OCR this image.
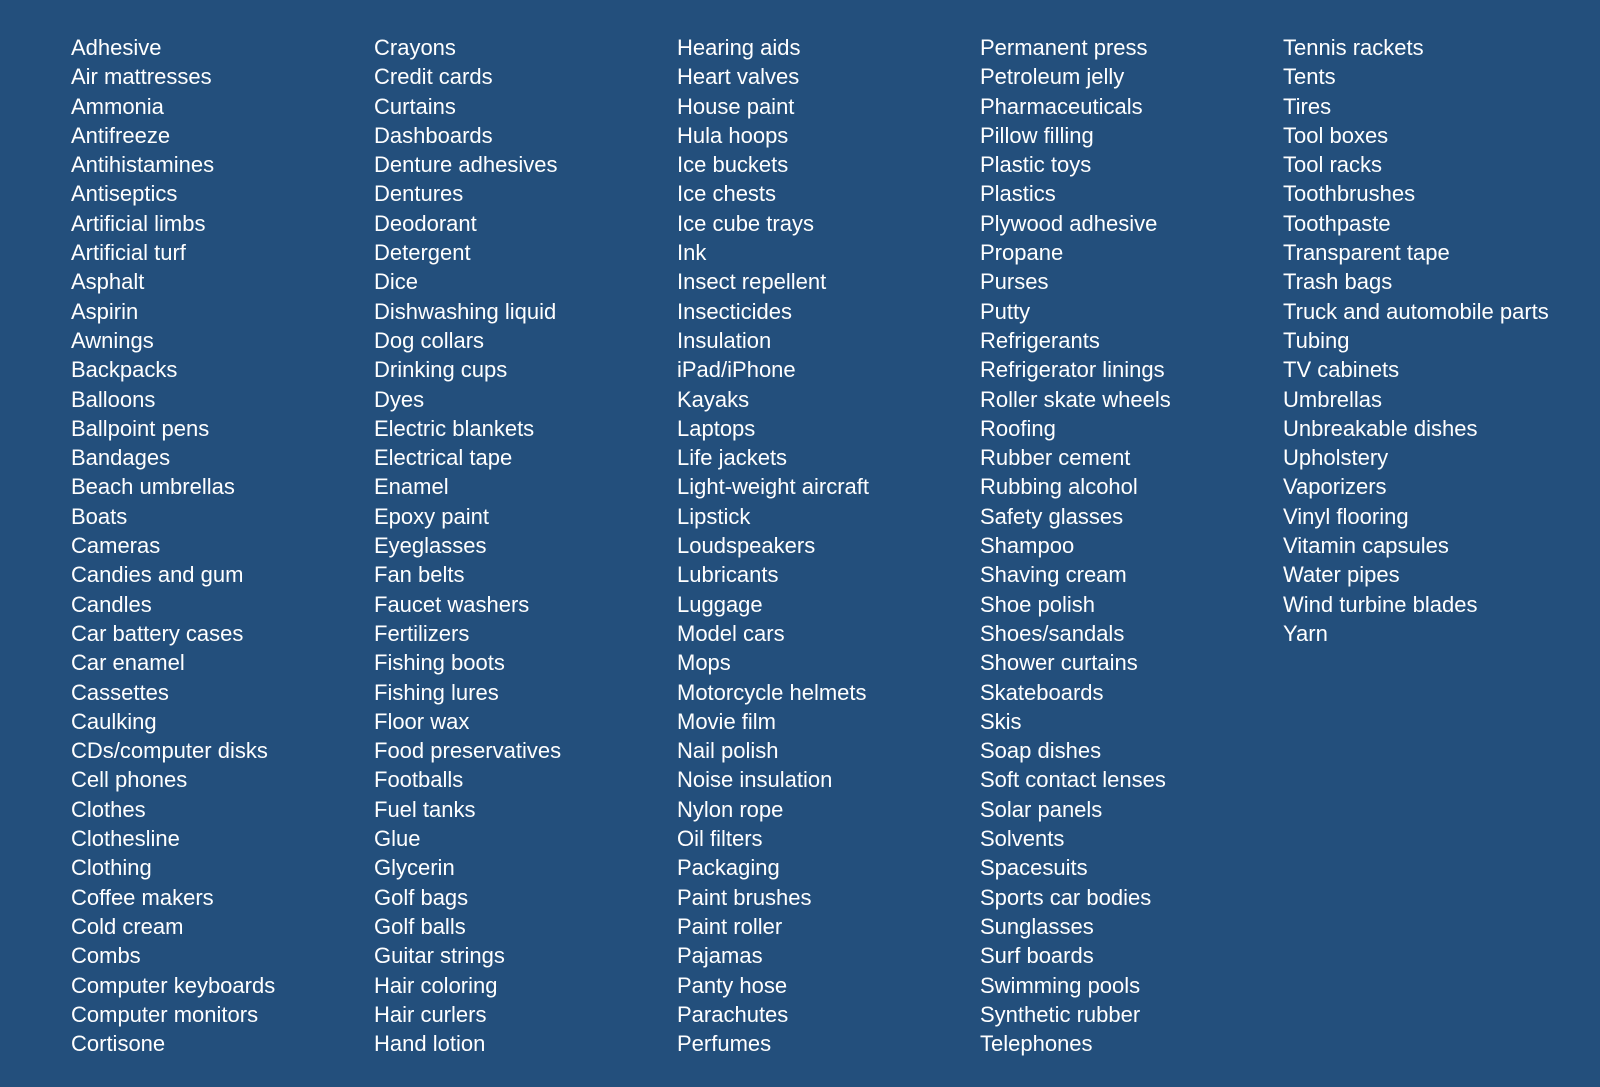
Adhesive
Air mattresses
Ammonia
Antifreeze
Antihistamines
Antiseptics
Artificial limbs
Artificial turf
Asphalt
Aspirin
Awnings
Backpacks
Balloons
Ballpoint pens
Bandages
Beach umbrellas
Boats
Cameras
Candies and gum
Candles
Car battery cases
Car enamel
Cassettes
Caulking
CDs/computer disks
Cell phones
Clothes
Clothesline
Clothing
Coffee makers
Cold cream
Combs
Computer keyboards
Computer monitors
Cortisone
Crayons
Credit cards
Curtains
Dashboards
Denture adhesives
Dentures
Deodorant
Detergent
Dice
Dishwashing liquid
Dog collars
Drinking cups
Dyes
Electric blankets
Electrical tape
Enamel
Epoxy paint
Eyeglasses
Fan belts
Faucet washers
Fertilizers
Fishing boots
Fishing lures
Floor wax
Food preservatives
Footballs
Fuel tanks
Glue
Glycerin
Golf bags
Golf balls
Guitar strings
Hair coloring
Hair curlers
Hand lotion
Hearing aids
Heart valves
House paint
Hula hoops
Ice buckets
Ice chests
Ice cube trays
Ink
Insect repellent
Insecticides
Insulation
iPad/iPhone
Kayaks
Laptops
Life jackets
Light-weight aircraft
Lipstick
Loudspeakers
Lubricants
Luggage
Model cars
Mops
Motorcycle helmets
Movie film
Nail polish
Noise insulation
Nylon rope
Oil filters
Packaging
Paint brushes
Paint roller
Pajamas
Panty hose
Parachutes
Perfumes
Permanent press
Petroleum jelly
Pharmaceuticals
Pillow filling
Plastic toys
Plastics
Plywood adhesive
Propane
Purses
Putty
Refrigerants
Refrigerator linings
Roller skate wheels
Roofing
Rubber cement
Rubbing alcohol
Safety glasses
Shampoo
Shaving cream
Shoe polish
Shoes/sandals
Shower curtains
Skateboards
Skis
Soap dishes
Soft contact lenses
Solar panels
Solvents
Spacesuits
Sports car bodies
Sunglasses
Surf boards
Swimming pools
Synthetic rubber
Telephones
Tennis rackets
Tents
Tires
Tool boxes
Tool racks
Toothbrushes
Toothpaste
Transparent tape
Trash bags
Truck and automobile parts
Tubing
TV cabinets
Umbrellas
Unbreakable dishes
Upholstery
Vaporizers
Vinyl flooring
Vitamin capsules
Water pipes
Wind turbine blades
Yarn
